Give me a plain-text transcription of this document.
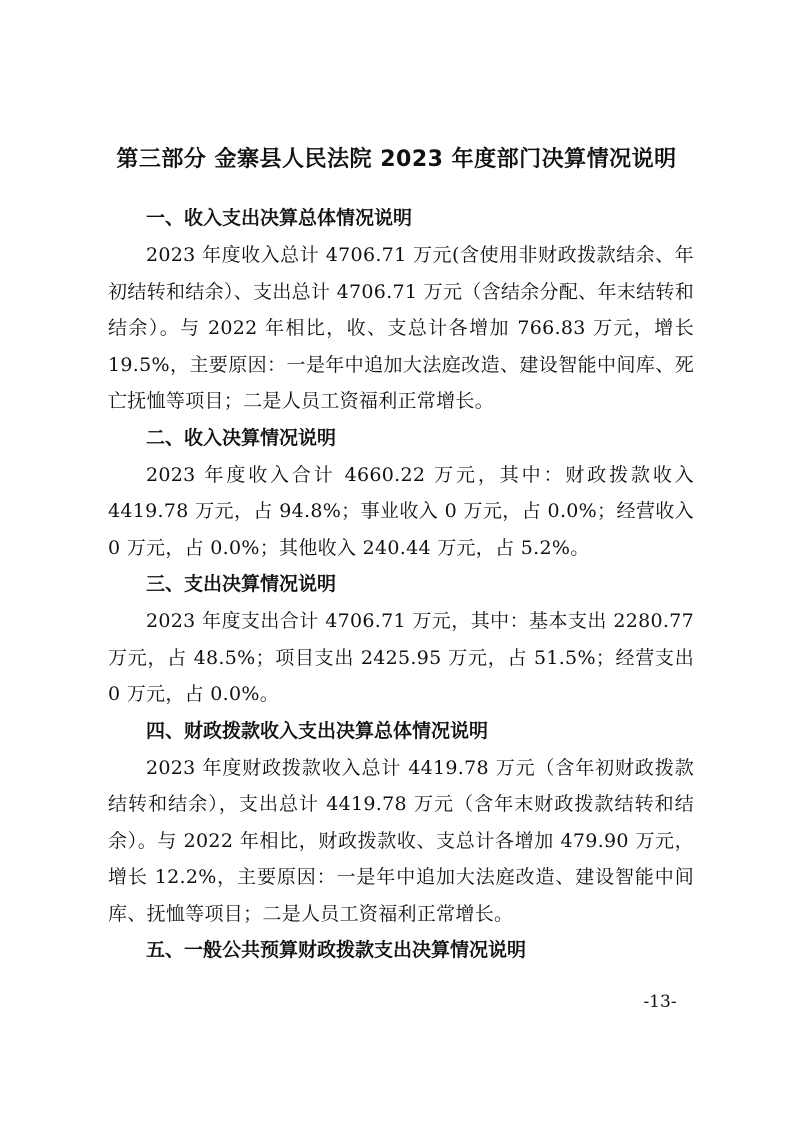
第三部分 金寨县人民法院 2023 年度部门决算情况说明
一、收入支出决算总体情况说明

2023 年度收入总计 4706.71 万元(含使用非财政拨款结余、年初结转和结余）、支出总计 4706.71 万元（含结余分配、年末结转和结余）。与 2022 年相比，收、支总计各增加 766.83 万元，增长 19.5%，主要原因：一是年中追加大法庭改造、建设智能中间库、死亡抚恤等项目；二是人员工资福利正常增长。

二、收入决算情况说明

2023 年度收入合计 4660.22 万元，其中：财政拨款收入 4419.78 万元，占 94.8%；事业收入 0 万元，占 0.0%；经营收入 0 万元，占 0.0%；其他收入 240.44 万元，占 5.2%。

三、支出决算情况说明

2023 年度支出合计 4706.71 万元，其中：基本支出 2280.77 万元，占 48.5%；项目支出 2425.95 万元，占 51.5%；经营支出 0 万元，占 0.0%。

四、财政拨款收入支出决算总体情况说明

2023 年度财政拨款收入总计 4419.78 万元（含年初财政拨款结转和结余），支出总计 4419.78 万元（含年末财政拨款结转和结余）。与 2022 年相比，财政拨款收、支总计各增加 479.90 万元，增长 12.2%，主要原因：一是年中追加大法庭改造、建设智能中间库、抚恤等项目；二是人员工资福利正常增长。

五、一般公共预算财政拨款支出决算情况说明
-13-
